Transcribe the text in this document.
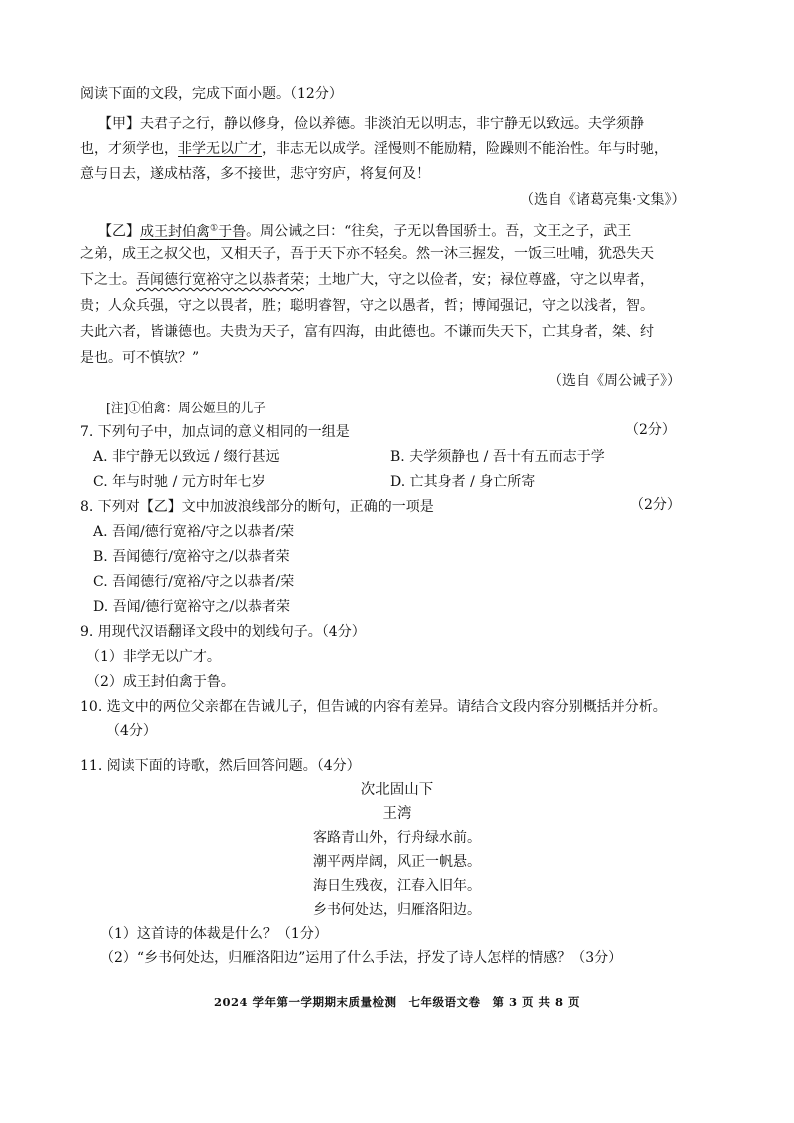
阅读下面的文段，完成下面小题。（12分）
【甲】夫君子之行，静以修身，俭以养德。非淡泊无以明志，非宁静无以致远。夫学须静
也，才须学也，非学无以广才，非志无以成学。淫慢则不能励精，险躁则不能治性。年与时驰，
意与日去，遂成枯落，多不接世，悲守穷庐，将复何及！
（选自《诸葛亮集·文集》）
【乙】成王封伯禽①于鲁。周公诫之曰：“往矣，子无以鲁国骄士。吾，文王之子，武王
之弟，成王之叔父也，又相天子，吾于天下亦不轻矣。然一沐三握发，一饭三吐哺，犹恐失天
下之士。吾闻德行宽裕守之以恭者荣；土地广大，守之以俭者，安；禄位尊盛，守之以卑者，
贵；人众兵强，守之以畏者，胜；聪明睿智，守之以愚者，哲；博闻强记，守之以浅者，智。
夫此六者，皆谦德也。夫贵为天子，富有四海，由此德也。不谦而失天下，亡其身者，桀、纣
是也。可不慎欤？”
（选自《周公诫子》）
[注]①伯禽：周公姬旦的儿子
7. 下列句子中，加点词的意义相同的一组是	（2分）
A. 非宁静无以致远 / 缀行甚远	B. 夫学须静也 / 吾十有五而志于学
C. 年与时驰 / 元方时年七岁	D. 亡其身者 / 身亡所寄
8. 下列对【乙】文中加波浪线部分的断句，正确的一项是	（2分）
A. 吾闻/德行宽裕/守之以恭者/荣
B. 吾闻德行/宽裕守之/以恭者荣
C. 吾闻德行/宽裕/守之以恭者/荣
D. 吾闻/德行宽裕守之/以恭者荣
9. 用现代汉语翻译文段中的划线句子。（4分）
（1）非学无以广才。
（2）成王封伯禽于鲁。
10. 选文中的两位父亲都在告诫儿子，但告诫的内容有差异。请结合文段内容分别概括并分析。
（4分）
11. 阅读下面的诗歌，然后回答问题。（4分）
次北固山下
王湾
客路青山外，行舟绿水前。
潮平两岸阔，风正一帆悬。
海日生残夜，江春入旧年。
乡书何处达，归雁洛阳边。
（1）这首诗的体裁是什么？（1分）
（2）“乡书何处达，归雁洛阳边”运用了什么手法，抒发了诗人怎样的情感？（3分）
2024 学年第一学期期末质量检测　七年级语文卷　第 3 页 共 8 页
